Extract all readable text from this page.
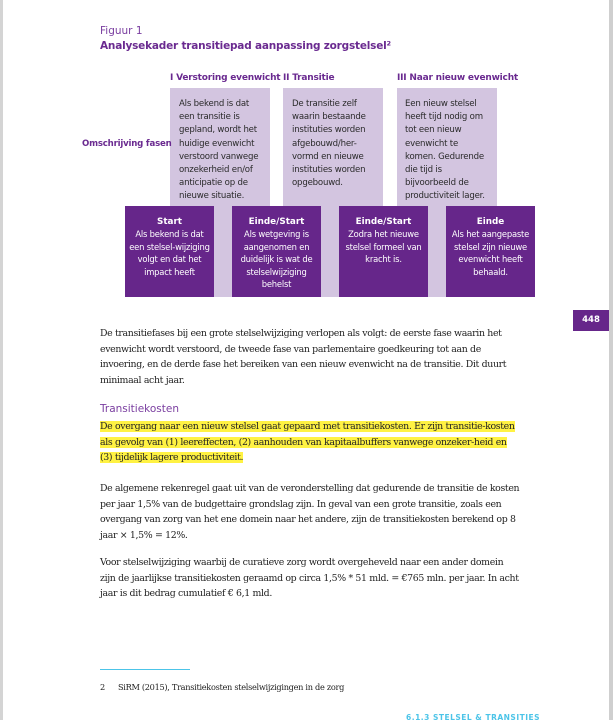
Figuur 1
Analysekader transitiepad aanpassing zorgstelsel²
I Verstoring evenwicht II Transitie	III Naar nieuw evenwicht
Als bekend is dat een transitie is gepland, wordt het huidige evenwicht verstoord vanwege onzekerheid en/of anticipatie op de nieuwe situatie.
De transitie zelf waarin bestaande instituties worden afgebouwd/her-vormd en nieuwe instituties worden opgebouwd.
Een nieuw stelsel heeft tijd nodig om tot een nieuw evenwicht te komen. Gedurende die tijd is bijvoorbeeld de productiviteit lager.
Omschrijving fasen
Start
Als bekend is dat een stelsel-wijziging volgt en dat het impact heeft
Einde/Start
Als wetgeving is aangenomen en duidelijk is wat de stelselwijziging behelst
Einde/Start
Zodra het nieuwe stelsel formeel van kracht is.
Einde
Als het aangepaste stelsel zijn nieuwe evenwicht heeft behaald.
448
De transitiefases bij een grote stelselwijziging verlopen als volgt: de eerste fase waarin het evenwicht wordt verstoord, de tweede fase van parlementaire goedkeuring tot aan de invoering, en de derde fase het bereiken van een nieuw evenwicht na de transitie. Dit duurt minimaal acht jaar.
Transitiekosten
De overgang naar een nieuw stelsel gaat gepaard met transitiekosten. Er zijn transitie-kosten als gevolg van (1) leereffecten, (2) aanhouden van kapitaalbuffers vanwege onzeker-heid en (3) tijdelijk lagere productiviteit.
De algemene rekenregel gaat uit van de veronderstelling dat gedurende de transitie de kosten per jaar 1,5% van de budgettaire grondslag zijn. In geval van een grote transitie, zoals een overgang van zorg van het ene domein naar het andere, zijn de transitiekosten berekend op 8 jaar × 1,5% = 12%.
Voor stelselwijziging waarbij de curatieve zorg wordt overgeheveld naar een ander domein zijn de jaarlijkse transitiekosten geraamd op circa 1,5% * 51 mld. = €765 mln. per jaar. In acht jaar is dit bedrag cumulatief € 6,1 mld.
2 SiRM (2015), Transitiekosten stelselwijzigingen in de zorg
6.1.3 STELSEL & TRANSITIES
